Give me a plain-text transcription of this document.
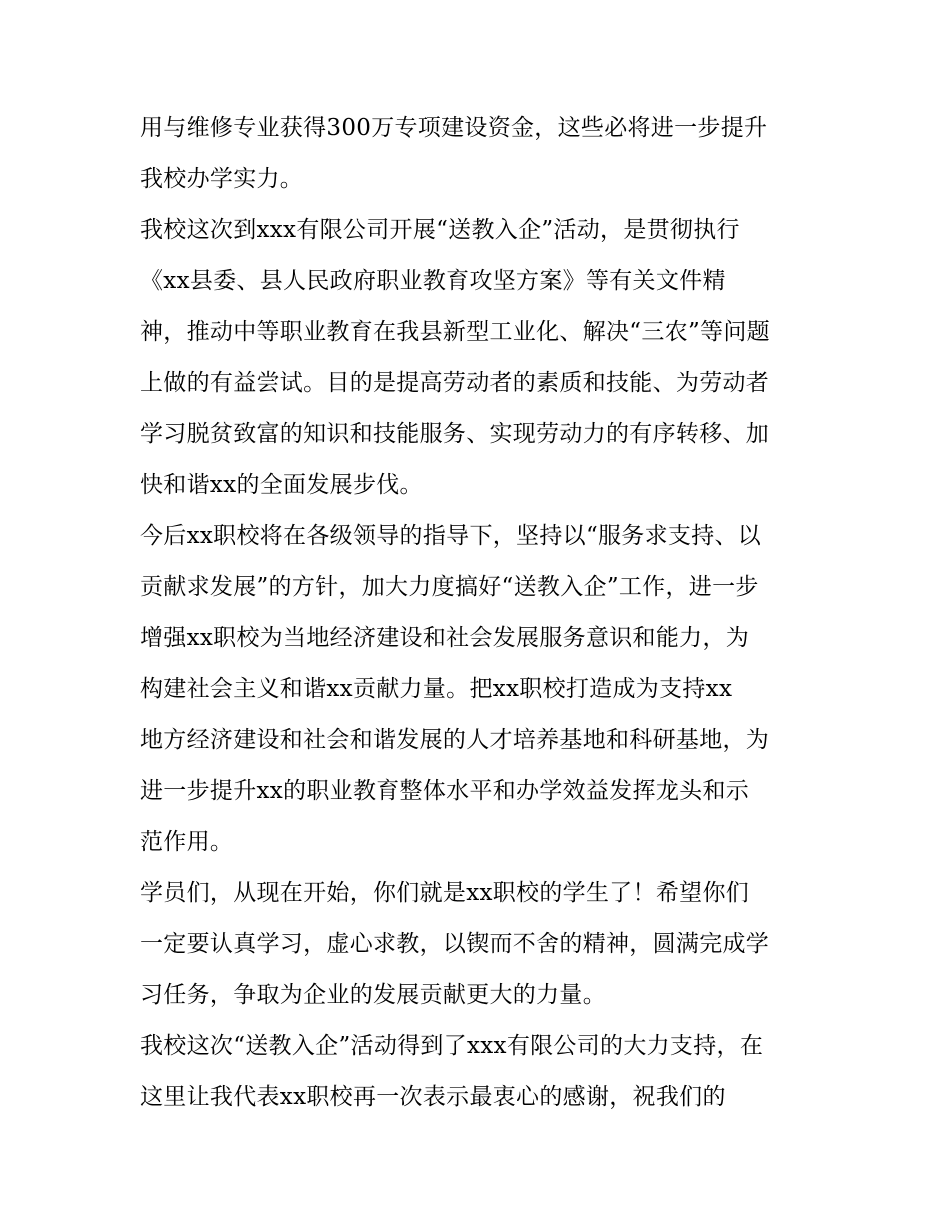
用与维修专业获得300万专项建设资金，这些必将进一步提升
我校办学实力。
我校这次到xxx有限公司开展“送教入企”活动，是贯彻执行
《xx县委、县人民政府职业教育攻坚方案》等有关文件精
神，推动中等职业教育在我县新型工业化、解决“三农”等问题
上做的有益尝试。目的是提高劳动者的素质和技能、为劳动者
学习脱贫致富的知识和技能服务、实现劳动力的有序转移、加
快和谐xx的全面发展步伐。
今后xx职校将在各级领导的指导下，坚持以“服务求支持、以
贡献求发展”的方针，加大力度搞好“送教入企”工作，进一步
增强xx职校为当地经济建设和社会发展服务意识和能力，为
构建社会主义和谐xx贡献力量。把xx职校打造成为支持xx
地方经济建设和社会和谐发展的人才培养基地和科研基地，为
进一步提升xx的职业教育整体水平和办学效益发挥龙头和示
范作用。
学员们，从现在开始，你们就是xx职校的学生了！希望你们
一定要认真学习，虚心求教，以锲而不舍的精神，圆满完成学
习任务，争取为企业的发展贡献更大的力量。
我校这次“送教入企”活动得到了xxx有限公司的大力支持，在
这里让我代表xx职校再一次表示最衷心的感谢，祝我们的
